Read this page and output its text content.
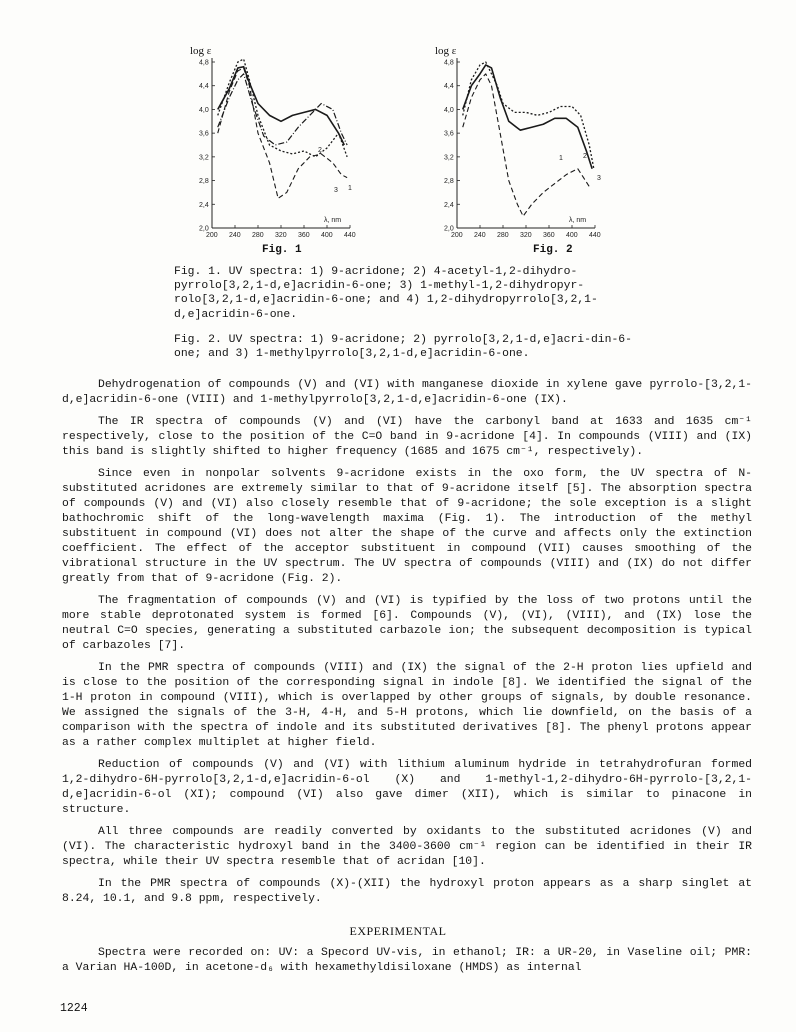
log ε
4,8
4,4
4,0
3,6
3,2
2,8
2,4
2,0
200 240 280 320 360 400 440
λ, nm
2
1
3
Fig. 1
log ε
4,8
4,4
4,0
3,6
3,2
2,8
2,4
2,0
200 240 280 320 360 400 440
λ, nm
1
3
2
Fig. 2
Fig. 1. UV spectra: 1) 9-acridone; 2) 4-acetyl-1,2-dihydro-pyrrolo[3,2,1-d,e]acridin-6-one; 3) 1-methyl-1,2-dihydropyr-rolo[3,2,1-d,e]acridin-6-one; and 4) 1,2-dihydropyrrolo[3,2,1-d,e]acridin-6-one.
Fig. 2. UV spectra: 1) 9-acridone; 2) pyrrolo[3,2,1-d,e]acri-din-6-one; and 3) 1-methylpyrrolo[3,2,1-d,e]acridin-6-one.

Dehydrogenation of compounds (V) and (VI) with manganese dioxide in xylene gave pyrrolo-[3,2,1-d,e]acridin-6-one (VIII) and 1-methylpyrrolo[3,2,1-d,e]acridin-6-one (IX).

The IR spectra of compounds (V) and (VI) have the carbonyl band at 1633 and 1635 cm⁻¹ respectively, close to the position of the C=O band in 9-acridone [4]. In compounds (VIII) and (IX) this band is slightly shifted to higher frequency (1685 and 1675 cm⁻¹, respectively).

Since even in nonpolar solvents 9-acridone exists in the oxo form, the UV spectra of N-substituted acridones are extremely similar to that of 9-acridone itself [5]. The absorption spectra of compounds (V) and (VI) also closely resemble that of 9-acridone; the sole exception is a slight bathochromic shift of the long-wavelength maxima (Fig. 1). The introduction of the methyl substituent in compound (VI) does not alter the shape of the curve and affects only the extinction coefficient. The effect of the acceptor substituent in compound (VII) causes smoothing of the vibrational structure in the UV spectrum. The UV spectra of compounds (VIII) and (IX) do not differ greatly from that of 9-acridone (Fig. 2).

The fragmentation of compounds (V) and (VI) is typified by the loss of two protons until the more stable deprotonated system is formed [6]. Compounds (V), (VI), (VIII), and (IX) lose the neutral C=O species, generating a substituted carbazole ion; the subsequent decomposition is typical of carbazoles [7].

In the PMR spectra of compounds (VIII) and (IX) the signal of the 2-H proton lies upfield and is close to the position of the corresponding signal in indole [8]. We identified the signal of the 1-H proton in compound (VIII), which is overlapped by other groups of signals, by double resonance. We assigned the signals of the 3-H, 4-H, and 5-H protons, which lie downfield, on the basis of a comparison with the spectra of indole and its substituted derivatives [8]. The phenyl protons appear as a rather complex multiplet at higher field.

Reduction of compounds (V) and (VI) with lithium aluminum hydride in tetrahydrofuran formed 1,2-dihydro-6H-pyrrolo[3,2,1-d,e]acridin-6-ol (X) and 1-methyl-1,2-dihydro-6H-pyrrolo-[3,2,1-d,e]acridin-6-ol (XI); compound (VI) also gave dimer (XII), which is similar to pinacone in structure.

All three compounds are readily converted by oxidants to the substituted acridones (V) and (VI). The characteristic hydroxyl band in the 3400-3600 cm⁻¹ region can be identified in their IR spectra, while their UV spectra resemble that of acridan [10].

In the PMR spectra of compounds (X)-(XII) the hydroxyl proton appears as a sharp singlet at 8.24, 10.1, and 9.8 ppm, respectively.

EXPERIMENTAL

Spectra were recorded on: UV: a Specord UV-vis, in ethanol; IR: a UR-20, in Vaseline oil; PMR: a Varian HA-100D, in acetone-d₆ with hexamethyldisiloxane (HMDS) as internal

1224
